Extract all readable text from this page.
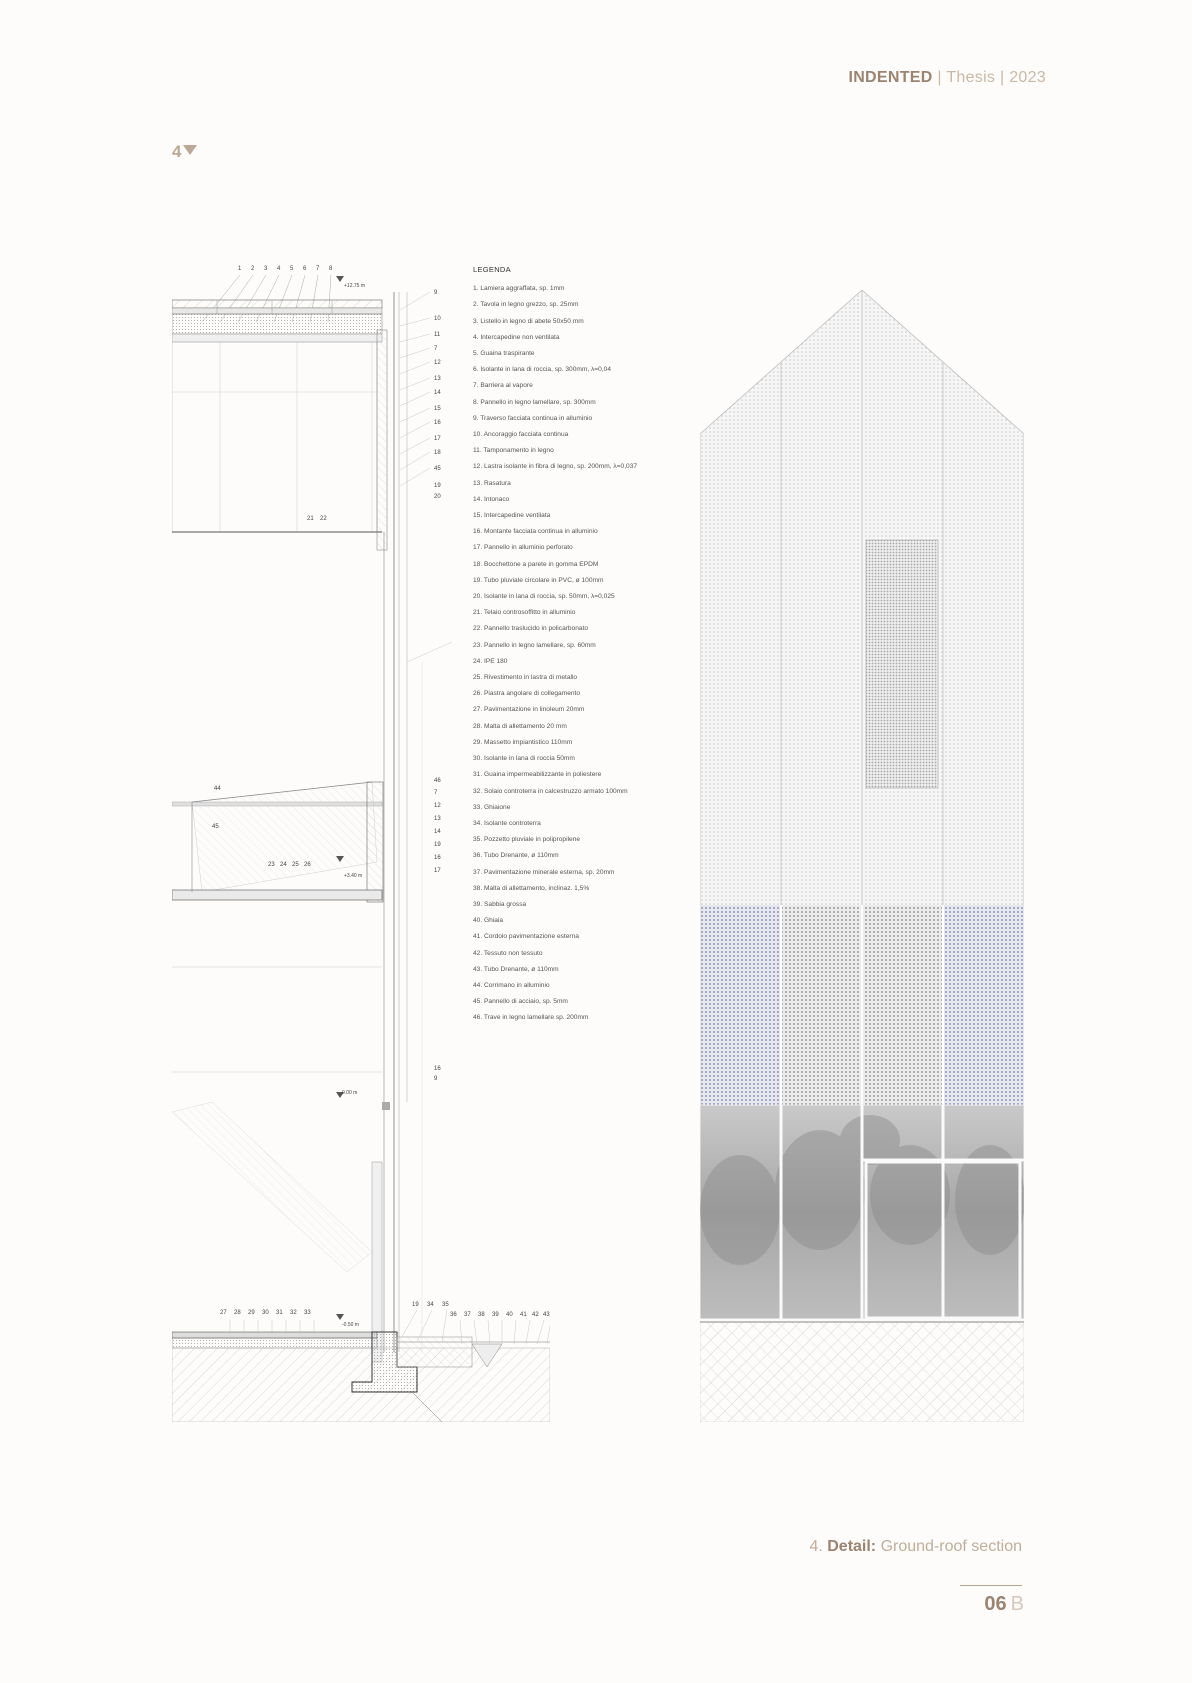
INDENTED | Thesis | 2023
4
1 2 3 4 5 6 7 8
+12.75 m
9
10
11
7
12
13
14
15
16
17
18
45
19
20
21 22
46
7
12
13
14
19
16
17
44
45
23 24 25 26
+3.40 m
16
9
0.00 m
27 28 29 30 31 32 33
-0.50 m
19 34 35
36 37 38 39 40 41 42 43
LEGENDA
1. Lamiera aggraffata, sp. 1mm
2. Tavola in legno grezzo, sp. 25mm
3. Listello in legno di abete 50x50 mm
4. Intercapedine non ventilata
5. Guaina traspirante
6. Isolante in lana di roccia, sp. 300mm, λ=0,04
7. Barriera al vapore
8. Pannello in legno lamellare, sp. 300mm
9. Traverso facciata continua in alluminio
10. Ancoraggio facciata continua
11. Tamponamento in legno
12. Lastra isolante in fibra di legno, sp. 200mm, λ=0,037
13. Rasatura
14. Intonaco
15. Intercapedine ventilata
16. Montante facciata continua in alluminio
17. Pannello in alluminio perforato
18. Bocchettone a parete in gomma EPDM
19. Tubo pluviale circolare in PVC, ø 100mm
20. Isolante in lana di roccia, sp. 50mm, λ=0,025
21. Telaio controsoffitto in alluminio
22. Pannello traslucido in policarbonato
23. Pannello in legno lamellare, sp. 60mm
24. IPE 180
25. Rivestimento in lastra di metallo
26. Piastra angolare di collegamento
27. Pavimentazione in linoleum 20mm
28. Malta di allettamento 20 mm
29. Massetto impiantistico 110mm
30. Isolante in lana di roccia 50mm
31. Guaina impermeabilizzante in poliestere
32. Solaio controterra in calcestruzzo armato 100mm
33. Ghiaione
34. Isolante controterra
35. Pozzetto pluviale in polipropilene
36. Tubo Drenante, ø 110mm
37. Pavimentazione minerale esterna, sp. 20mm
38. Malta di allettamento, inclinaz. 1,5%
39. Sabbia grossa
40. Ghiaia
41. Cordolo pavimentazione esterna
42. Tessuto non tessuto
43. Tubo Drenante, ø 110mm
44. Corrimano in alluminio
45. Pannello di acciaio, sp. 5mm
46. Trave in legno lamellare sp. 200mm
4. Detail: Ground-roof section
06 B
